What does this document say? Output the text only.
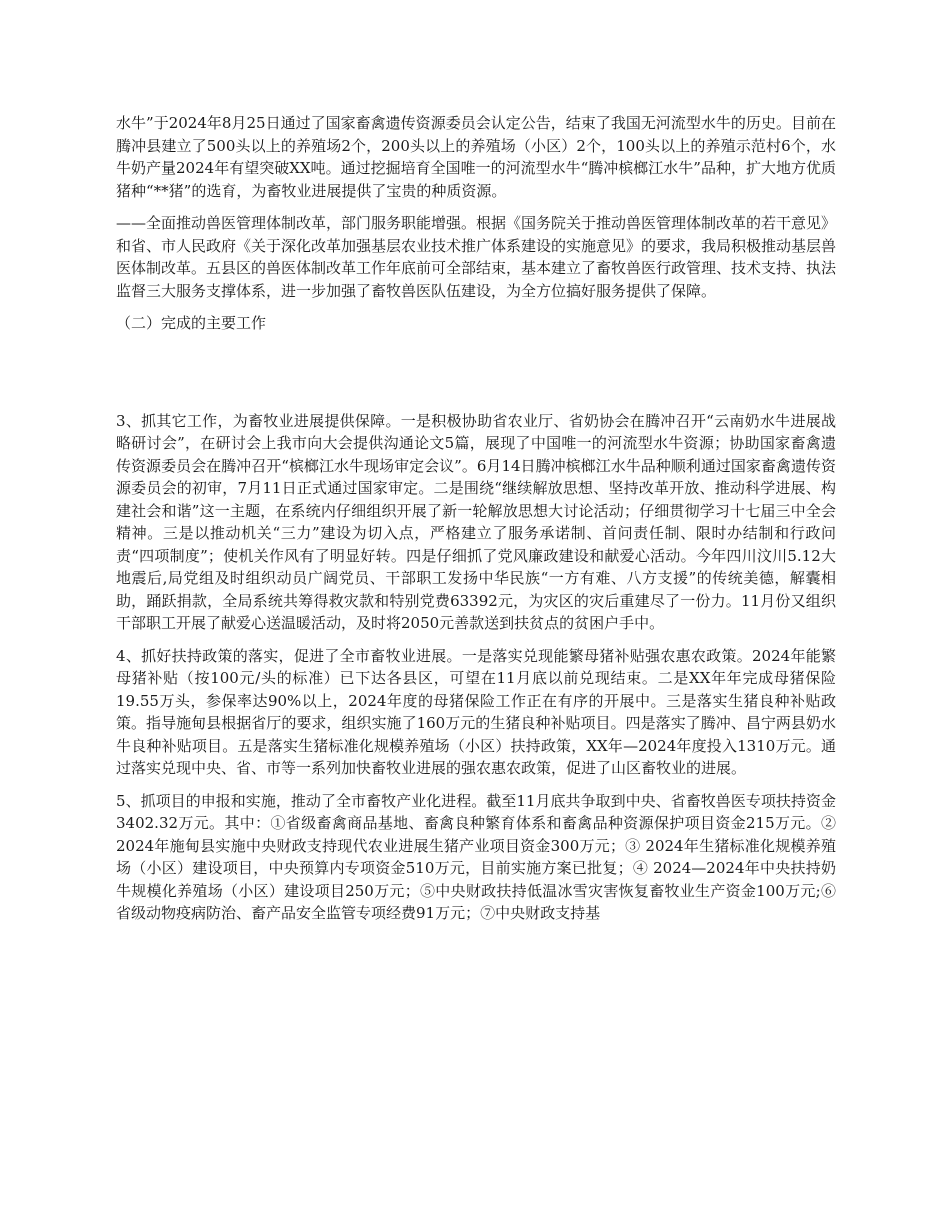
水牛”于2024年8月25日通过了国家畜禽遗传资源委员会认定公告，结束了我国无河流型水牛的历史。目前在腾冲县建立了500头以上的养殖场2个，200头以上的养殖场（小区）2个，100头以上的养殖示范村6个，水牛奶产量2024年有望突破XX吨。通过挖掘培育全国唯一的河流型水牛“腾冲槟榔江水牛”品种，扩大地方优质猪种“**猪”的选育，为畜牧业进展提供了宝贵的种质资源。

——全面推动兽医管理体制改革，部门服务职能增强。根据《国务院关于推动兽医管理体制改革的若干意见》和省、市人民政府《关于深化改革加强基层农业技术推广体系建设的实施意见》的要求，我局积极推动基层兽医体制改革。五县区的兽医体制改革工作年底前可全部结束，基本建立了畜牧兽医行政管理、技术支持、执法监督三大服务支撑体系，进一步加强了畜牧兽医队伍建设，为全方位搞好服务提供了保障。

（二）完成的主要工作

3、抓其它工作，为畜牧业进展提供保障。一是积极协助省农业厅、省奶协会在腾冲召开“云南奶水牛进展战略研讨会”，在研讨会上我市向大会提供沟通论文5篇，展现了中国唯一的河流型水牛资源；协助国家畜禽遗传资源委员会在腾冲召开“槟榔江水牛现场审定会议”。6月14日腾冲槟榔江水牛品种顺利通过国家畜禽遗传资源委员会的初审，7月11日正式通过国家审定。二是围绕“继续解放思想、坚持改革开放、推动科学进展、构建社会和谐”这一主题，在系统内仔细组织开展了新一轮解放思想大讨论活动；仔细贯彻学习十七届三中全会精神。三是以推动机关“三力”建设为切入点，严格建立了服务承诺制、首问责任制、限时办结制和行政问责“四项制度”；使机关作风有了明显好转。四是仔细抓了党风廉政建设和献爱心活动。今年四川汶川5.12大地震后,局党组及时组织动员广阔党员、干部职工发扬中华民族“一方有难、八方支援”的传统美德，解囊相助，踊跃捐款，全局系统共筹得救灾款和特别党费63392元，为灾区的灾后重建尽了一份力。11月份又组织干部职工开展了献爱心送温暖活动，及时将2050元善款送到扶贫点的贫困户手中。

4、抓好扶持政策的落实，促进了全市畜牧业进展。一是落实兑现能繁母猪补贴强农惠农政策。2024年能繁母猪补贴（按100元/头的标准）已下达各县区，可望在11月底以前兑现结束。二是XX年年完成母猪保险19.55万头，参保率达90%以上，2024年度的母猪保险工作正在有序的开展中。三是落实生猪良种补贴政策。指导施甸县根据省厅的要求，组织实施了160万元的生猪良种补贴项目。四是落实了腾冲、昌宁两县奶水牛良种补贴项目。五是落实生猪标准化规模养殖场（小区）扶持政策，XX年—2024年度投入1310万元。通过落实兑现中央、省、市等一系列加快畜牧业进展的强农惠农政策，促进了山区畜牧业的进展。

5、抓项目的申报和实施，推动了全市畜牧产业化进程。截至11月底共争取到中央、省畜牧兽医专项扶持资金3402.32万元。其中：①省级畜禽商品基地、畜禽良种繁育体系和畜禽品种资源保护项目资金215万元。② 2024年施甸县实施中央财政支持现代农业进展生猪产业项目资金300万元；③ 2024年生猪标准化规模养殖场（小区）建设项目，中央预算内专项资金510万元，目前实施方案已批复；④ 2024—2024年中央扶持奶牛规模化养殖场（小区）建设项目250万元；⑤中央财政扶持低温冰雪灾害恢复畜牧业生产资金100万元;⑥ 省级动物疫病防治、畜产品安全监管专项经费91万元；⑦中央财政支持基
